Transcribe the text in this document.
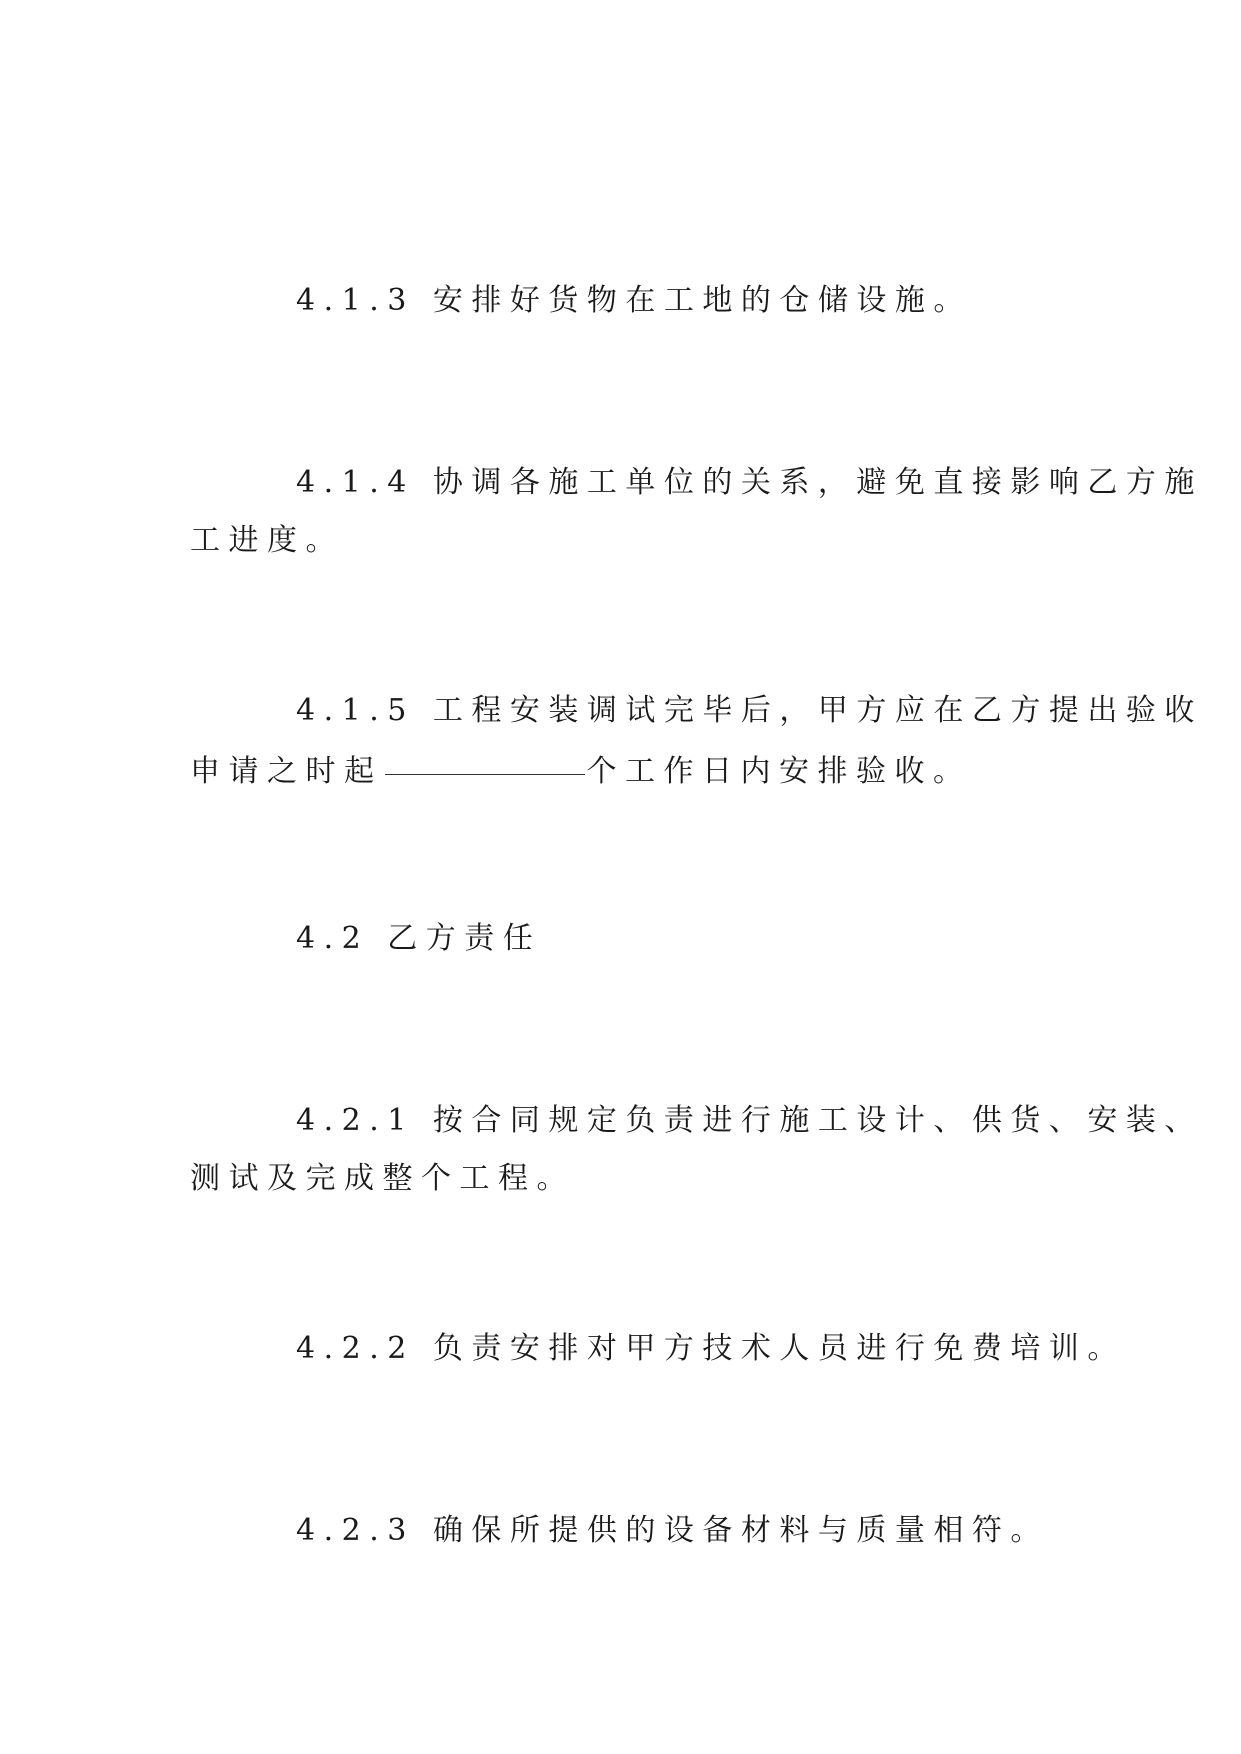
4.1.3 安排好货物在工地的仓储设施。
4.1.4 协调各施工单位的关系，避免直接影响乙方施
工进度。
4.1.5 工程安装调试完毕后，甲方应在乙方提出验收
申请之时起	个工作日内安排验收。
4.2 乙方责任
4.2.1 按合同规定负责进行施工设计、供货、安装、
测试及完成整个工程。
4.2.2 负责安排对甲方技术人员进行免费培训。
4.2.3 确保所提供的设备材料与质量相符。
